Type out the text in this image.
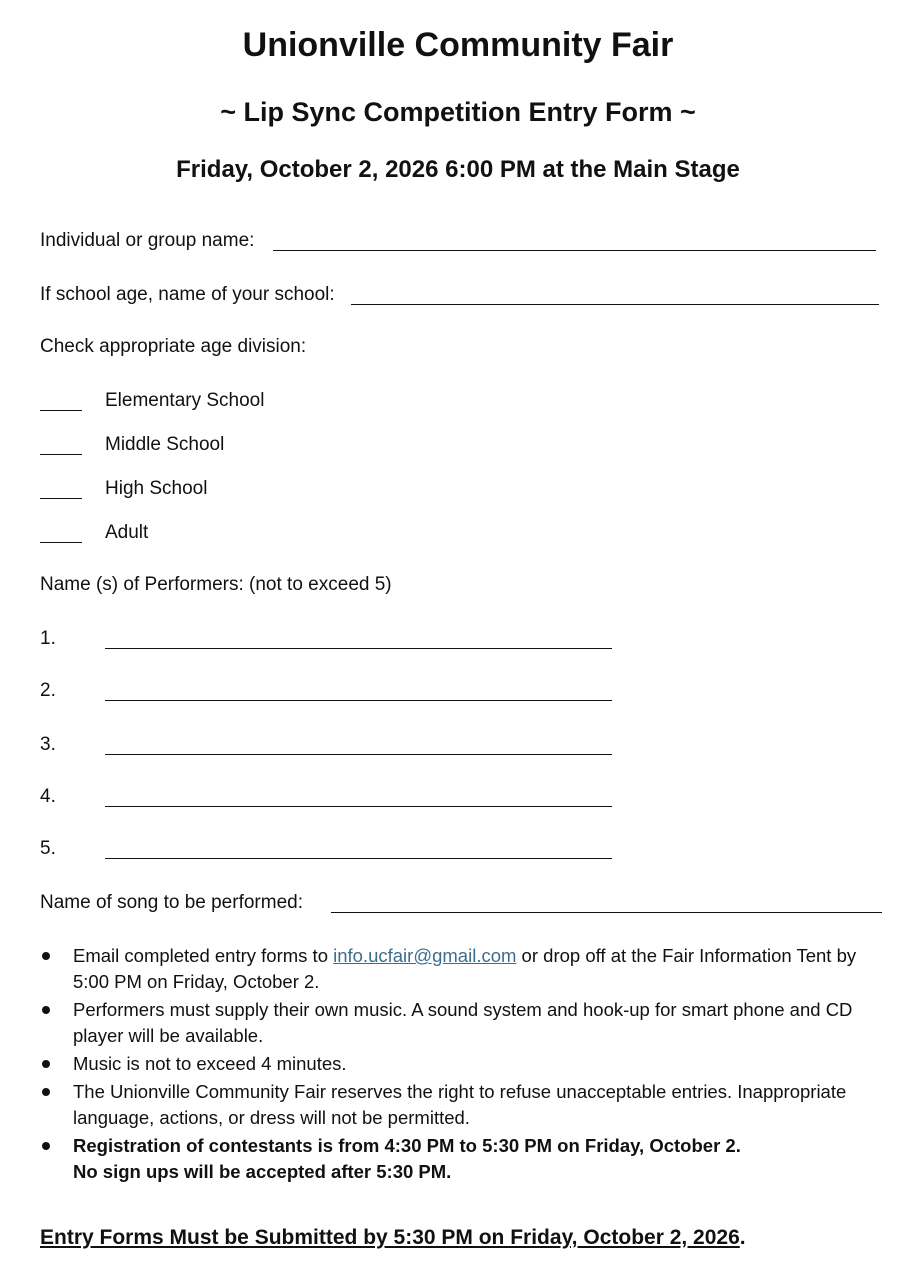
Unionville Community Fair
~ Lip Sync Competition Entry Form ~
Friday, October 2, 2026 6:00 PM at the Main Stage
Individual or group name:
If school age, name of your school:
Check appropriate age division:
Elementary School
Middle School
High School
Adult
Name (s) of Performers: (not to exceed 5)
1.
2.
3.
4.
5.
Name of song to be performed:
Email completed entry forms to info.ucfair@gmail.com or drop off at the Fair Information Tent by 5:00 PM on Friday, October 2.
Performers must supply their own music. A sound system and hook-up for smart phone and CD player will be available.
Music is not to exceed 4 minutes.
The Unionville Community Fair reserves the right to refuse unacceptable entries. Inappropriate language, actions, or dress will not be permitted.
Registration of contestants is from 4:30 PM to 5:30 PM on Friday, October 2.
No sign ups will be accepted after 5:30 PM.
Entry Forms Must be Submitted by 5:30 PM on Friday, October 2, 2026.
